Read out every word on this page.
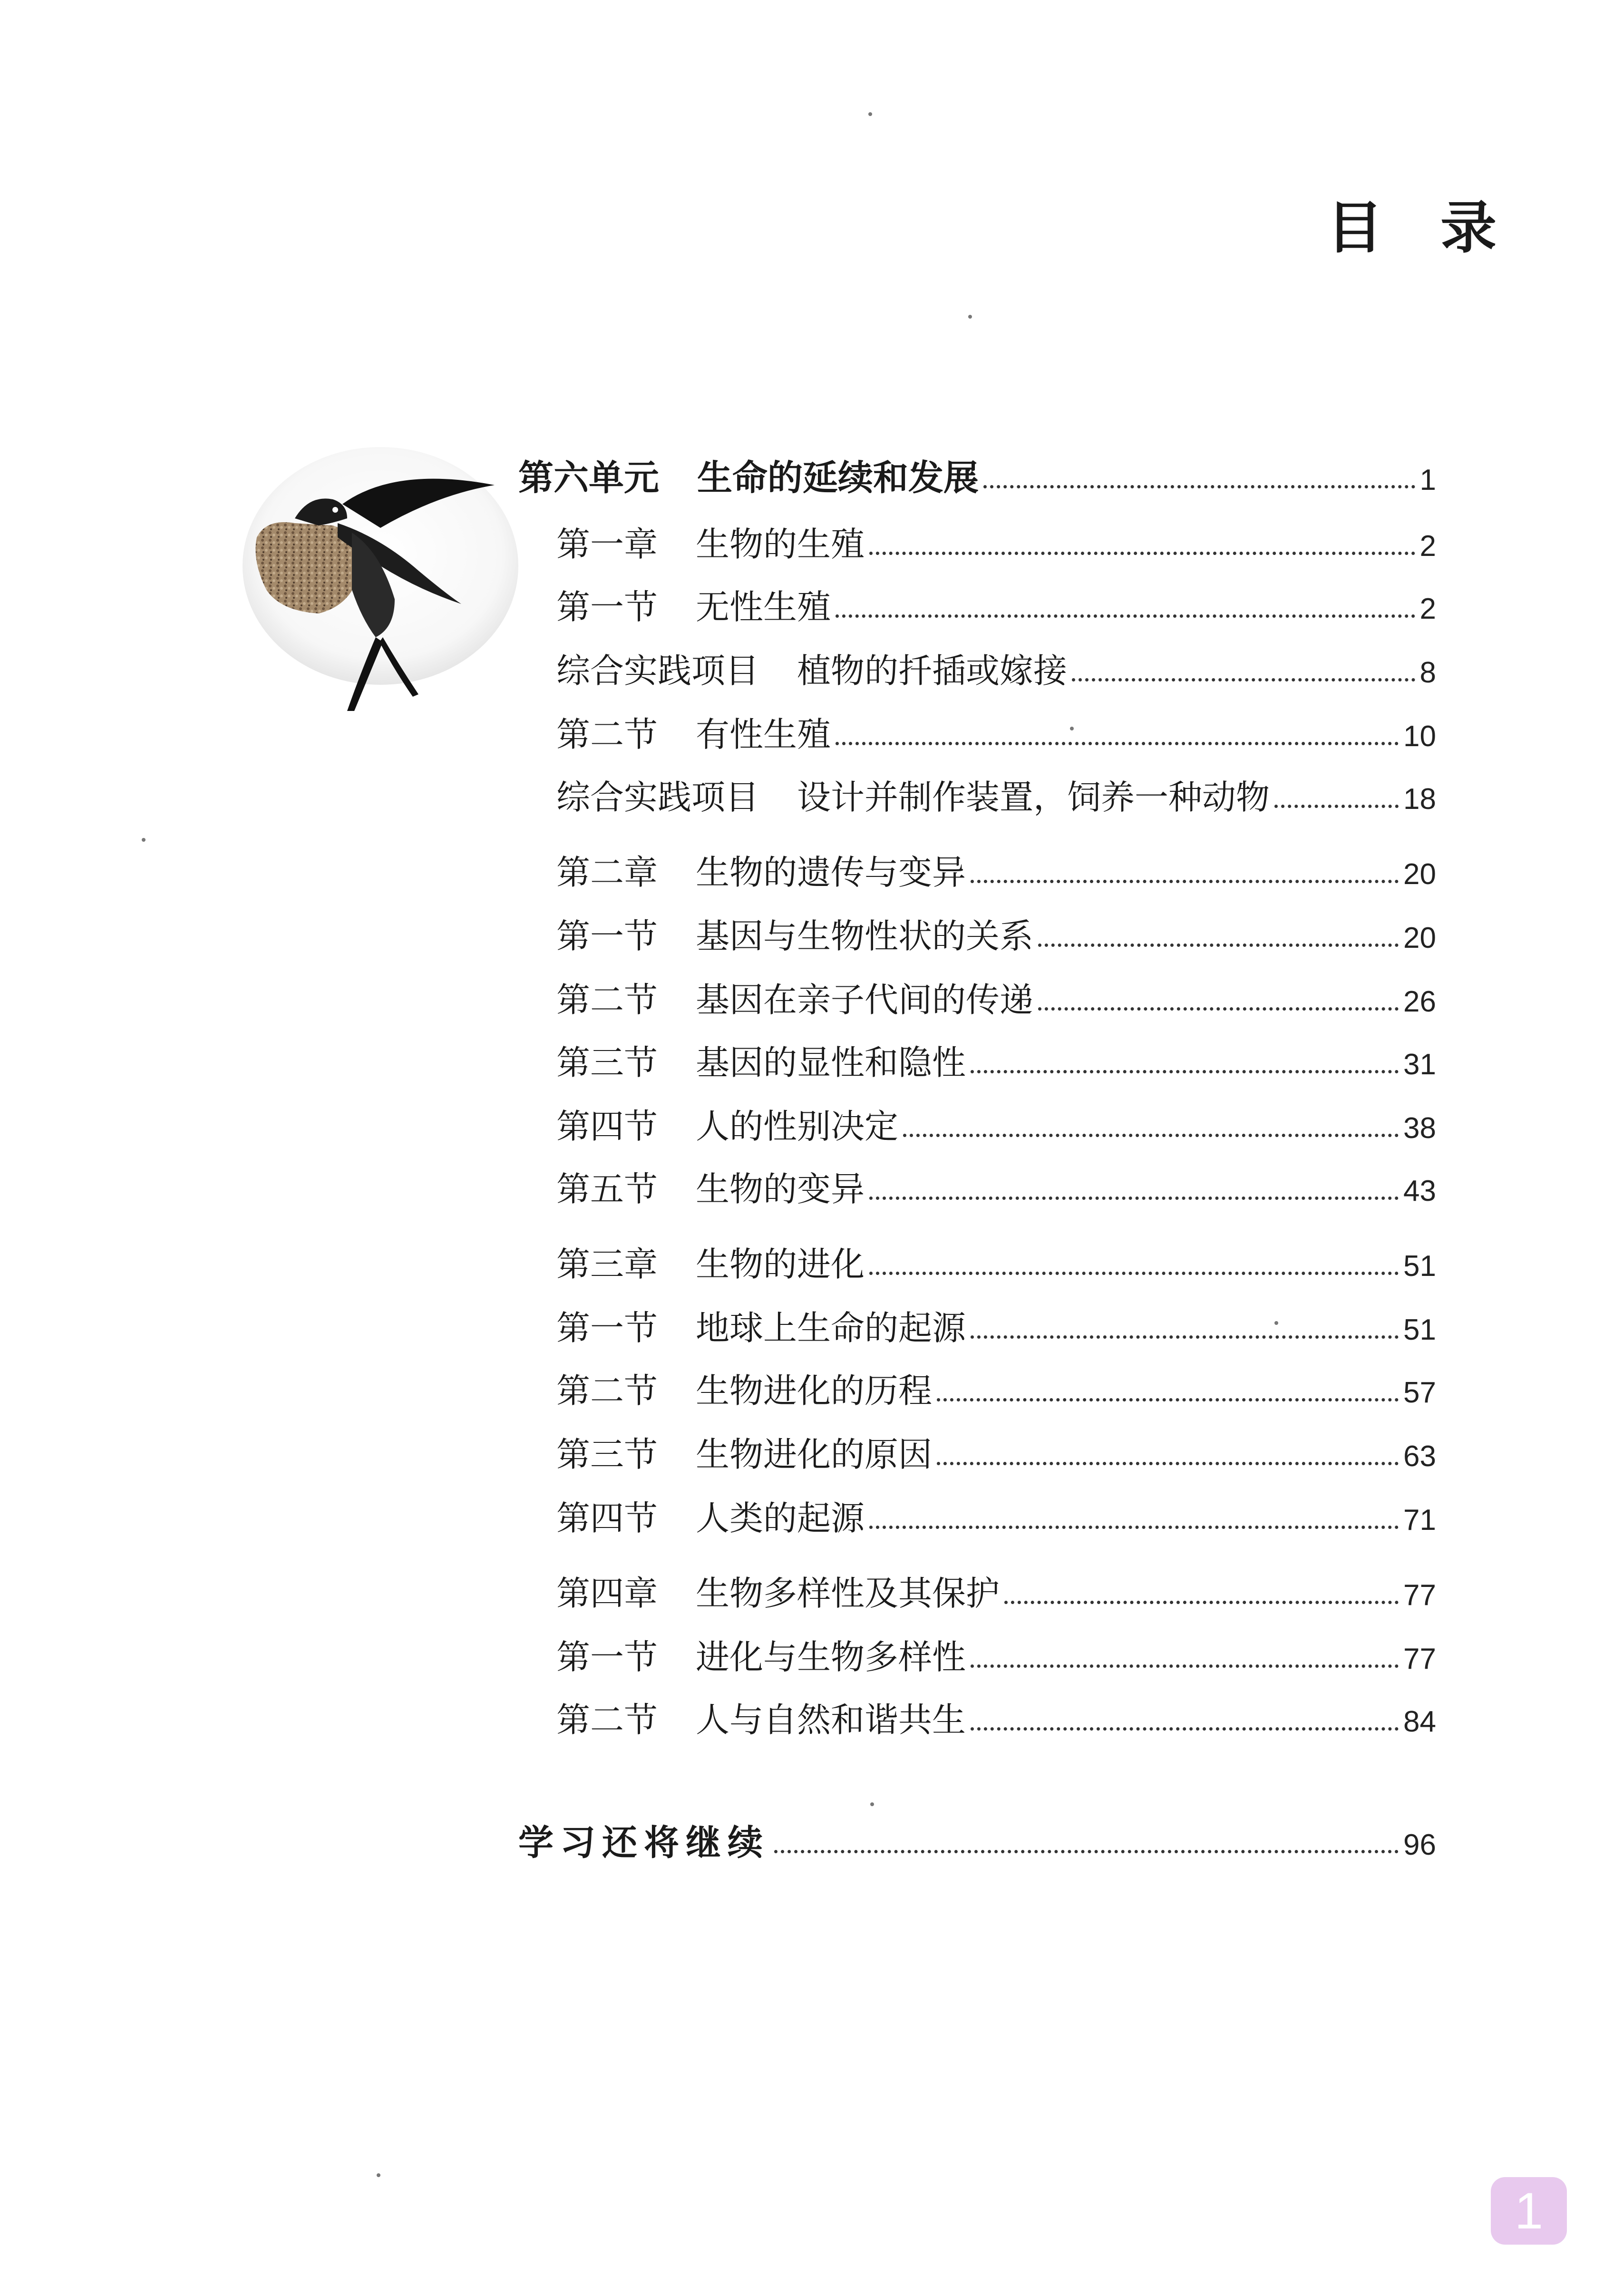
目 录
第六单元 生命的延续和发展	1
第一章 生物的生殖	2
第一节 无性生殖	2
综合实践项目 植物的扦插或嫁接	8
第二节 有性生殖	10
综合实践项目 设计并制作装置，饲养一种动物	18
第二章 生物的遗传与变异	20
第一节 基因与生物性状的关系	20
第二节 基因在亲子代间的传递	26
第三节 基因的显性和隐性	31
第四节 人的性别决定	38
第五节 生物的变异	43
第三章 生物的进化	51
第一节 地球上生命的起源	51
第二节 生物进化的历程	57
第三节 生物进化的原因	63
第四节 人类的起源	71
第四章 生物多样性及其保护	77
第一节 进化与生物多样性	77
第二节 人与自然和谐共生	84
学习还将继续	96
1
